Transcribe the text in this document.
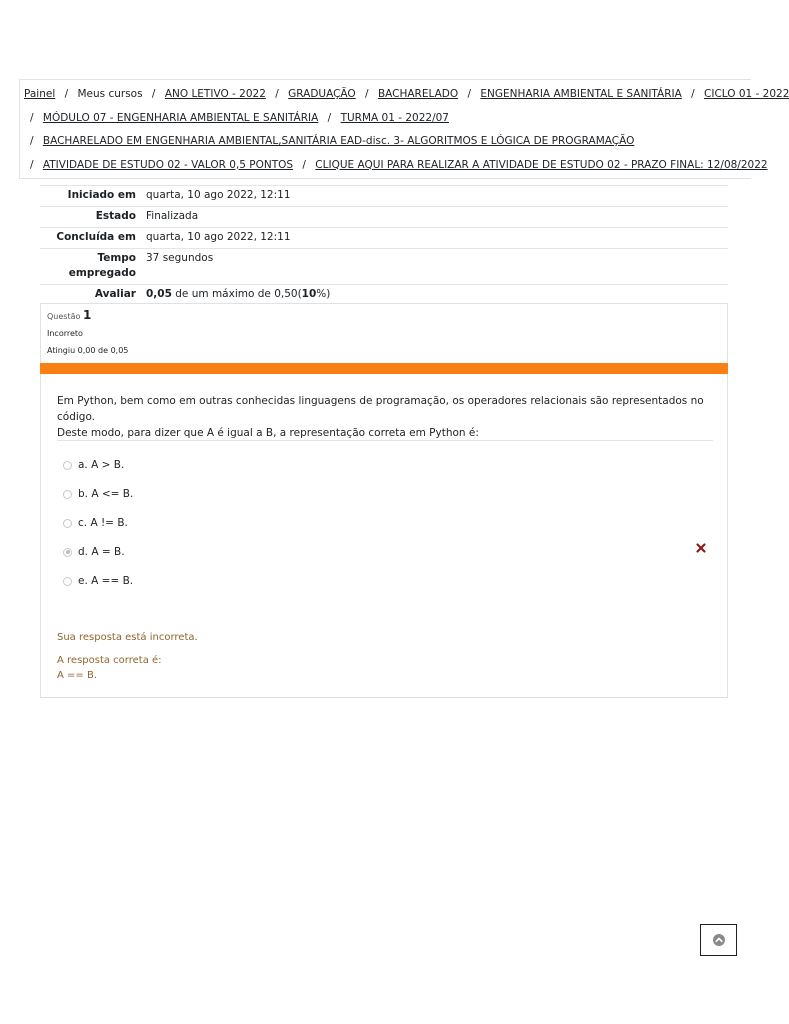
Painel / Meus cursos / ANO LETIVO - 2022 / GRADUAÇÃO / BACHARELADO / ENGENHARIA AMBIENTAL E SANITÁRIA / CICLO 01 - 2022
/ MÓDULO 07 - ENGENHARIA AMBIENTAL E SANITÁRIA / TURMA 01 - 2022/07
/ BACHARELADO EM ENGENHARIA AMBIENTAL,SANITÁRIA EAD-disc. 3- ALGORITMOS E LÓGICA DE PROGRAMAÇÃO
/ ATIVIDADE DE ESTUDO 02 - VALOR 0,5 PONTOS / CLIQUE AQUI PARA REALIZAR A ATIVIDADE DE ESTUDO 02 - PRAZO FINAL: 12/08/2022
Iniciado em	quarta, 10 ago 2022, 12:11
Estado	Finalizada
Concluída em	quarta, 10 ago 2022, 12:11
Tempo
empregado	37 segundos
Avaliar	0,05 de um máximo de 0,50(10%)
Questão 1
Incorreto
Atingiu 0,00 de 0,05
Em Python, bem como em outras conhecidas linguagens de programação, os operadores relacionais são representados no código.
Deste modo, para dizer que A é igual a B, a representação correta em Python é:
a. A > B.
b. A <= B.
c. A != B.
d. A = B.
e. A == B.
Sua resposta está incorreta.
A resposta correta é:
A == B.
